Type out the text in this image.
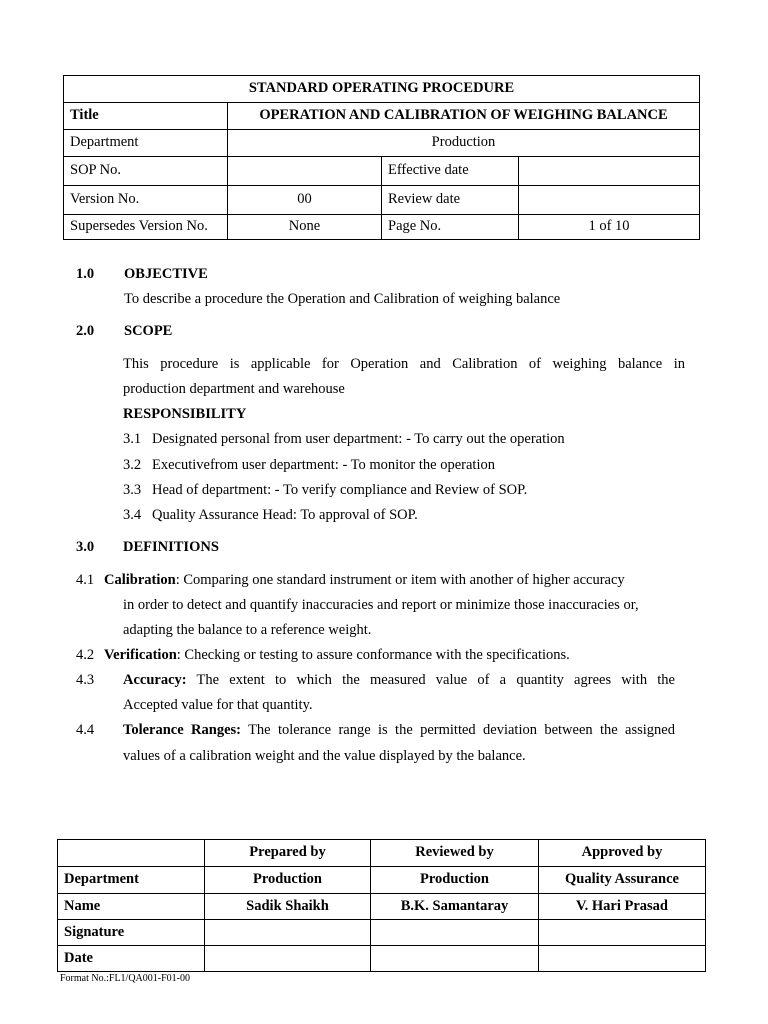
STANDARD OPERATING PROCEDURE			
Title	OPERATION AND CALIBRATION OF WEIGHING BALANCE		
Department	Production		
SOP No.		Effective date	
Version No.	00	Review date	
Supersedes Version No.	None	Page No.	1 of 10
1.0 OBJECTIVE
To describe a procedure the Operation and Calibration of weighing balance
2.0 SCOPE
This procedure is applicable for Operation and Calibration of weighing balance in
production department and warehouse
RESPONSIBILITY
3.1 Designated personal from user department: - To carry out the operation
3.2 Executivefrom user department: - To monitor the operation
3.3 Head of department: - To verify compliance and Review of SOP.
3.4 Quality Assurance Head: To approval of SOP.
3.0 DEFINITIONS
4.1 Calibration: Comparing one standard instrument or item with another of higher accuracy
in order to detect and quantify inaccuracies and report or minimize those inaccuracies or,
adapting the balance to a reference weight.
4.2 Verification: Checking or testing to assure conformance with the specifications.
4.3 Accuracy: The extent to which the measured value of a quantity agrees with the
Accepted value for that quantity.
4.4 Tolerance Ranges: The tolerance range is the permitted deviation between the assigned
values of a calibration weight and the value displayed by the balance.
	Prepared by	Reviewed by	Approved by
Department	Production	Production	Quality Assurance
Name	Sadik Shaikh	B.K. Samantaray	V. Hari Prasad
Signature			
Date			
Format No.:FL1/QA001-F01-00
